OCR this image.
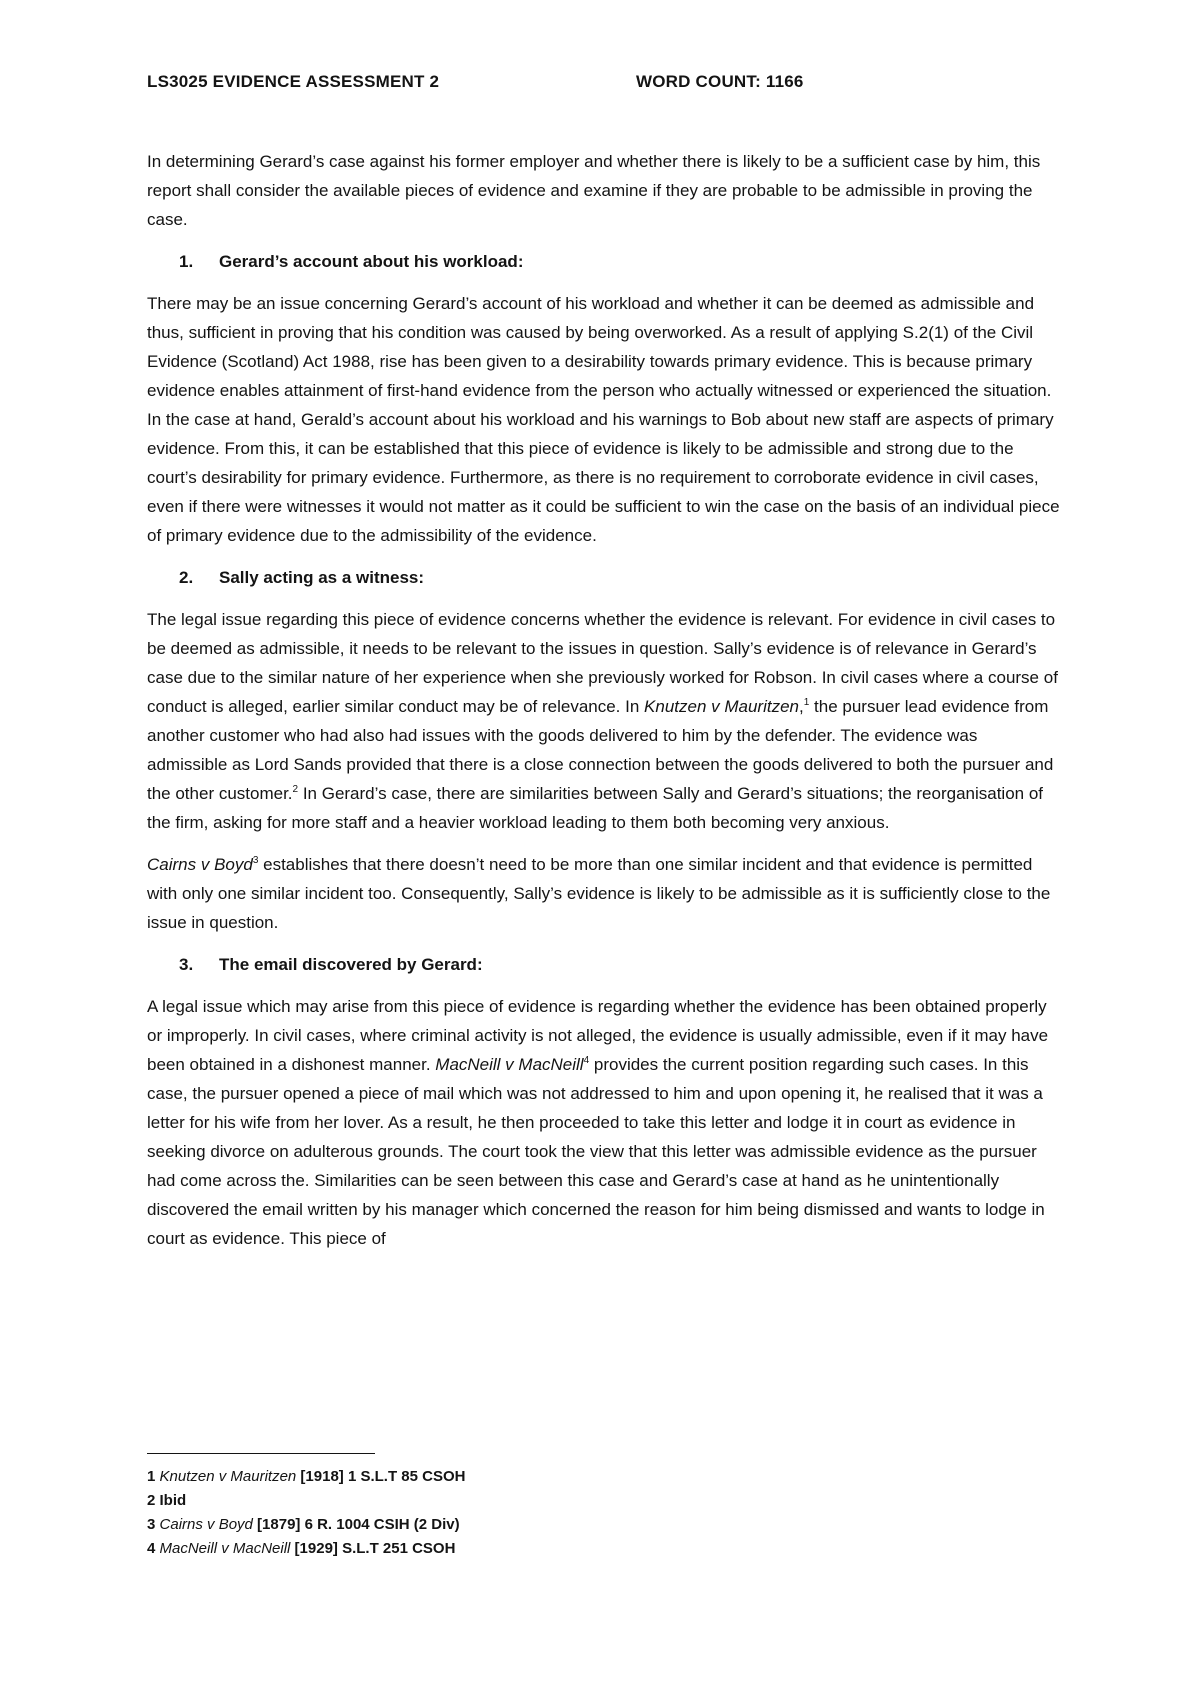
LS3025 EVIDENCE ASSESSMENT 2	WORD COUNT: 1166

In determining Gerard’s case against his former employer and whether there is likely to be a sufficient case by him, this report shall consider the available pieces of evidence and examine if they are probable to be admissible in proving the case.

1.	Gerard’s account about his workload:

There may be an issue concerning Gerard’s account of his workload and whether it can be deemed as admissible and thus, sufficient in proving that his condition was caused by being overworked. As a result of applying S.2(1) of the Civil Evidence (Scotland) Act 1988, rise has been given to a desirability towards primary evidence. This is because primary evidence enables attainment of first-hand evidence from the person who actually witnessed or experienced the situation. In the case at hand, Gerald’s account about his workload and his warnings to Bob about new staff are aspects of primary evidence. From this, it can be established that this piece of evidence is likely to be admissible and strong due to the court’s desirability for primary evidence. Furthermore, as there is no requirement to corroborate evidence in civil cases, even if there were witnesses it would not matter as it could be sufficient to win the case on the basis of an individual piece of primary evidence due to the admissibility of the evidence.

2.	Sally acting as a witness:

The legal issue regarding this piece of evidence concerns whether the evidence is relevant. For evidence in civil cases to be deemed as admissible, it needs to be relevant to the issues in question. Sally’s evidence is of relevance in Gerard’s case due to the similar nature of her experience when she previously worked for Robson. In civil cases where a course of conduct is alleged, earlier similar conduct may be of relevance. In Knutzen v Mauritzen,$^1$ the pursuer lead evidence from another customer who had also had issues with the goods delivered to him by the defender. The evidence was admissible as Lord Sands provided that there is a close connection between the goods delivered to both the pursuer and the other customer.$^2$ In Gerard’s case, there are similarities between Sally and Gerard’s situations; the reorganisation of the firm, asking for more staff and a heavier workload leading to them both becoming very anxious.

Cairns v Boyd$^3$ establishes that there doesn’t need to be more than one similar incident and that evidence is permitted with only one similar incident too. Consequently, Sally’s evidence is likely to be admissible as it is sufficiently close to the issue in question.

3.	The email discovered by Gerard:

A legal issue which may arise from this piece of evidence is regarding whether the evidence has been obtained properly or improperly. In civil cases, where criminal activity is not alleged, the evidence is usually admissible, even if it may have been obtained in a dishonest manner. MacNeill v MacNeill$^4$ provides the current position regarding such cases. In this case, the pursuer opened a piece of mail which was not addressed to him and upon opening it, he realised that it was a letter for his wife from her lover. As a result, he then proceeded to take this letter and lodge it in court as evidence in seeking divorce on adulterous grounds. The court took the view that this letter was admissible evidence as the pursuer had come across the. Similarities can be seen between this case and Gerard’s case at hand as he unintentionally discovered the email written by his manager which concerned the reason for him being dismissed and wants to lodge in court as evidence. This piece of

1 Knutzen v Mauritzen [1918] 1 S.L.T 85 CSOH
2 Ibid
3 Cairns v Boyd [1879] 6 R. 1004 CSIH (2 Div)
4 MacNeill v MacNeill [1929] S.L.T 251 CSOH
